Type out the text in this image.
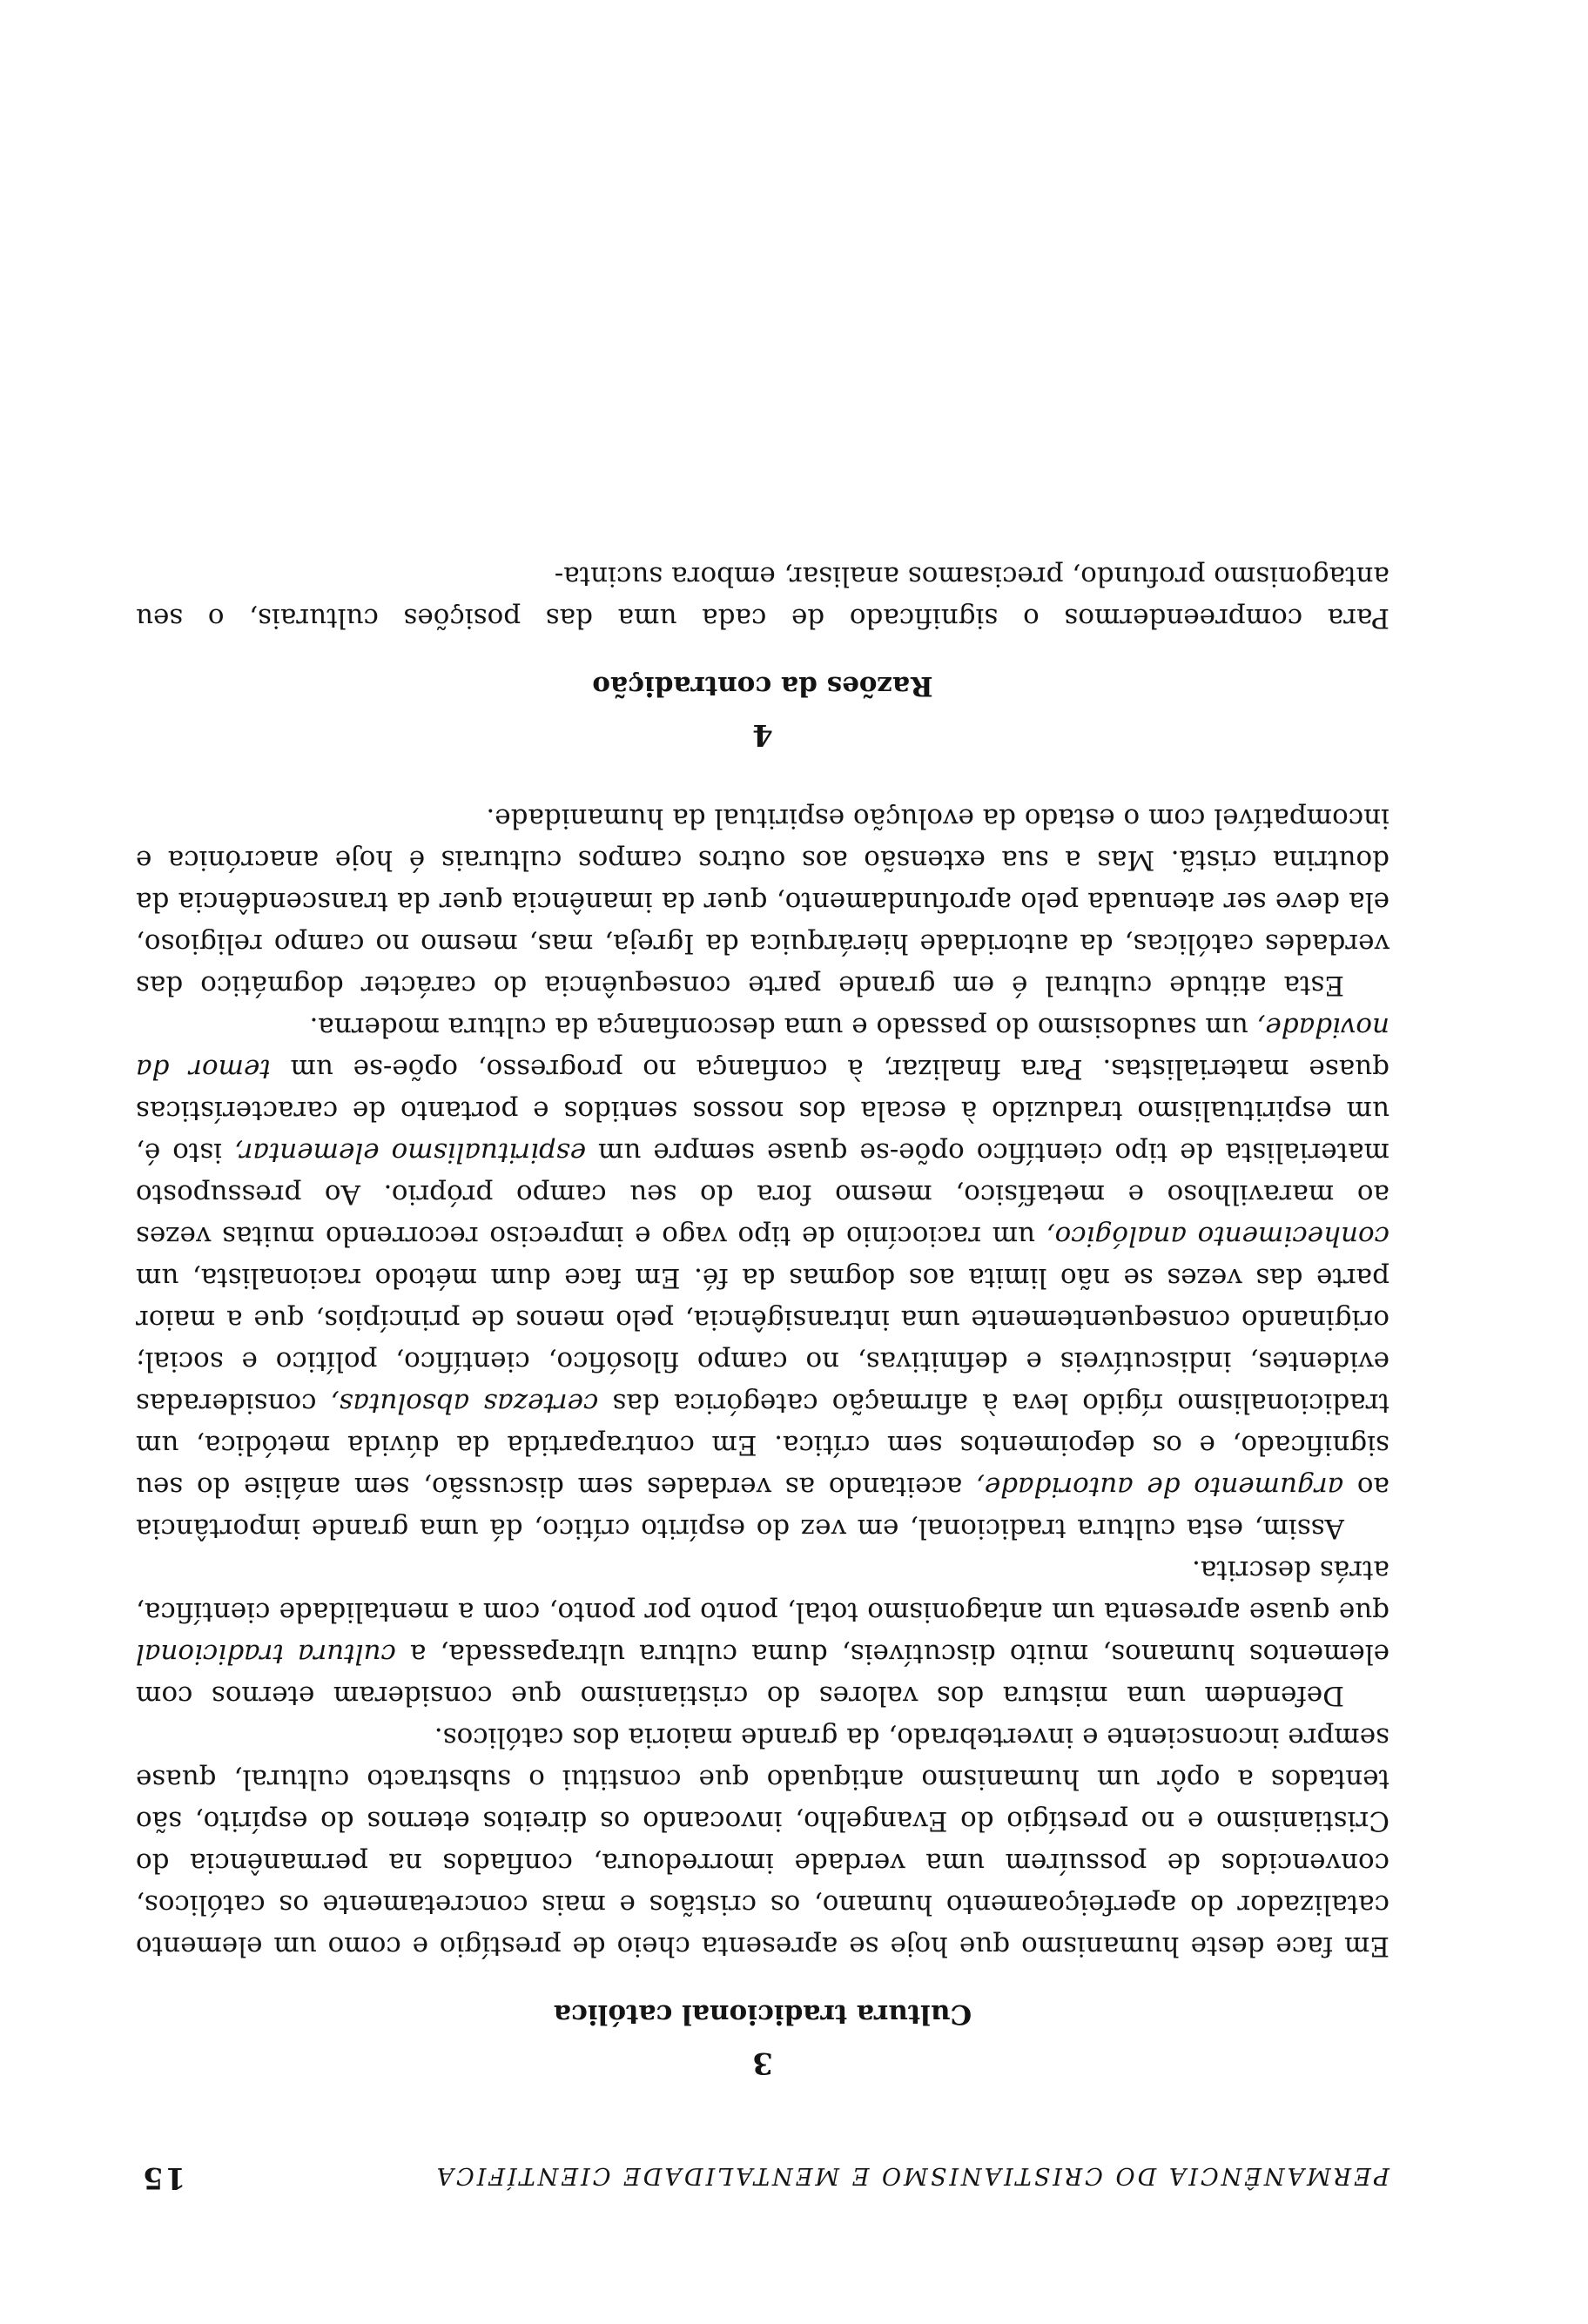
PERMANÊNCIA DO CRISTIANISMO E MENTALIDADE CIENTÍFICA
15
3
Cultura tradicional católica

Em face deste humanismo que hoje se apresenta cheio de prestígio e como um elemento catalizador do aperfeiçoamento humano, os cristãos e mais concretamente os católicos, convencidos de possuírem uma verdade imorredoura, confiados na permanência do Cristianismo e no prestígio do Evangelho, invocando os direitos eternos do espírito, são tentados a opôr um humanismo antiquado que constitui o substracto cultural, quase sempre inconsciente e invertebrado, da grande maioria dos católicos.

Defendem uma mistura dos valores do cristianismo que consideram eternos com elementos humanos, muito discutíveis, duma cultura ultrapassada, a cultura tradicional que quase apresenta um antagonismo total, ponto por ponto, com a mentalidade científica, atrás descrita.

Assim, esta cultura tradicional, em vez do espírito crítico, dá uma grande importância ao argumento de autoridade, aceitando as verdades sem discussão, sem análise do seu significado, e os depoimentos sem crítica. Em contrapartida da dúvida metódica, um tradicionalismo rígido leva à afirmação categórica das certezas absolutas, consideradas evidentes, indiscutíveis e definitivas, no campo filosófico, científico, político e social; originando consequentemente uma intransigência, pelo menos de princípios, que a maior parte das vezes se não limita aos dogmas da fé. Em face dum método racionalista, um conhecimento analógico, um raciocínio de tipo vago e impreciso recorrendo muitas vezes ao maravilhoso e metafísico, mesmo fora do seu campo próprio. Ao pressuposto materialista de tipo científico opõe-se quase sempre um espiritualismo elementar, isto é, um espiritualismo traduzido à escala dos nossos sentidos e portanto de características quase materialistas. Para finalizar, à confiança no progresso, opõe-se um temor da novidade, um saudosismo do passado e uma desconfiança da cultura moderna.

Esta atitude cultural é em grande parte consequência do carácter dogmático das verdades católicas, da autoridade hierárquica da Igreja, mas, mesmo no campo religioso, ela deve ser atenuada pelo aprofundamento, quer da imanência quer da transcendência da doutrina cristã. Mas a sua extensão aos outros campos culturais é hoje anacrónica e incompatível com o estado da evolução espiritual da humanidade.

4
Razões da contradição

Para compreendermos o significado de cada uma das posições culturais, o seu antagonismo profundo, precisamos analisar, embora sucinta-
